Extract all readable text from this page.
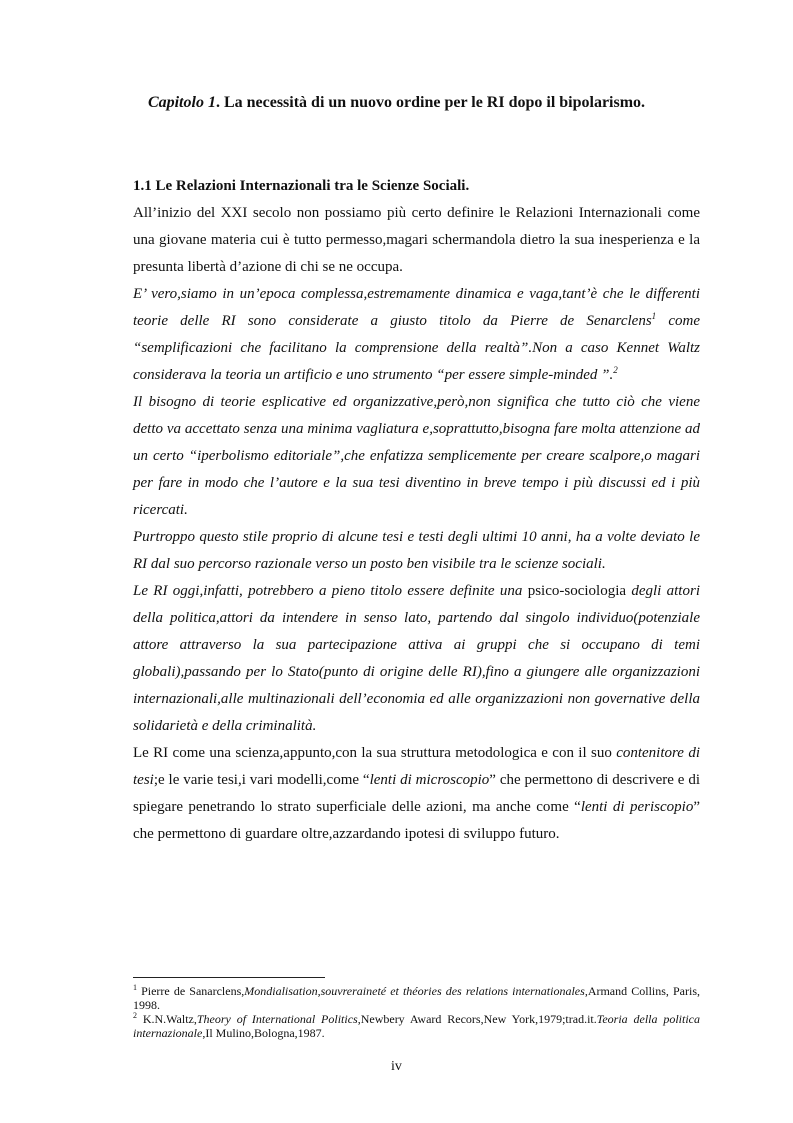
Capitolo 1. La necessità di un nuovo ordine per le RI dopo il bipolarismo.
1.1 Le Relazioni Internazionali tra le Scienze Sociali.

All’inizio del XXI secolo non possiamo più certo definire le Relazioni Internazionali come una giovane materia cui è tutto permesso,magari schermandola dietro la sua inesperienza e la presunta libertà d’azione di chi se ne occupa.

E’ vero,siamo in un’epoca complessa,estremamente dinamica e vaga,tant’è che le differenti teorie delle RI sono considerate a giusto titolo da Pierre de Senarclens$^1$ come “semplificazioni che facilitano la comprensione della realtà”.Non a caso Kennet Waltz considerava la teoria un artificio e uno strumento “per essere simple-minded ”.$^2$

Il bisogno di teorie esplicative ed organizzative,però,non significa che tutto ciò che viene detto va accettato senza una minima vagliatura e,soprattutto,bisogna fare molta attenzione ad un certo “iperbolismo editoriale”,che enfatizza semplicemente per creare scalpore,o magari per fare in modo che l’autore e la sua tesi diventino in breve tempo i più discussi ed i più ricercati.

Purtroppo questo stile proprio di alcune tesi e testi degli ultimi 10 anni, ha a volte deviato le RI dal suo percorso razionale verso un posto ben visibile tra le scienze sociali.

Le RI oggi,infatti, potrebbero a pieno titolo essere definite una psico-sociologia degli attori della politica,attori da intendere in senso lato, partendo dal singolo individuo(potenziale attore attraverso la sua partecipazione attiva ai gruppi che si occupano di temi globali),passando per lo Stato(punto di origine delle RI),fino a giungere alle organizzazioni internazionali,alle multinazionali dell’economia ed alle organizzazioni non governative della solidarietà e della criminalità.

Le RI come una scienza,appunto,con la sua struttura metodologica e con il suo contenitore di tesi;e le varie tesi,i vari modelli,come “lenti di microscopio” che permettono di descrivere e di spiegare penetrando lo strato superficiale delle azioni, ma anche come “lenti di periscopio” che permettono di guardare oltre,azzardando ipotesi di sviluppo futuro.

$^1$ Pierre de Sanarclens,Mondialisation,souvreraineté et théories des relations internationales,Armand Collins, Paris, 1998.

$^2$ K.N.Waltz,Theory of International Politics,Newbery Award Recors,New York,1979;trad.it.Teoria della politica internazionale,Il Mulino,Bologna,1987.

iv
